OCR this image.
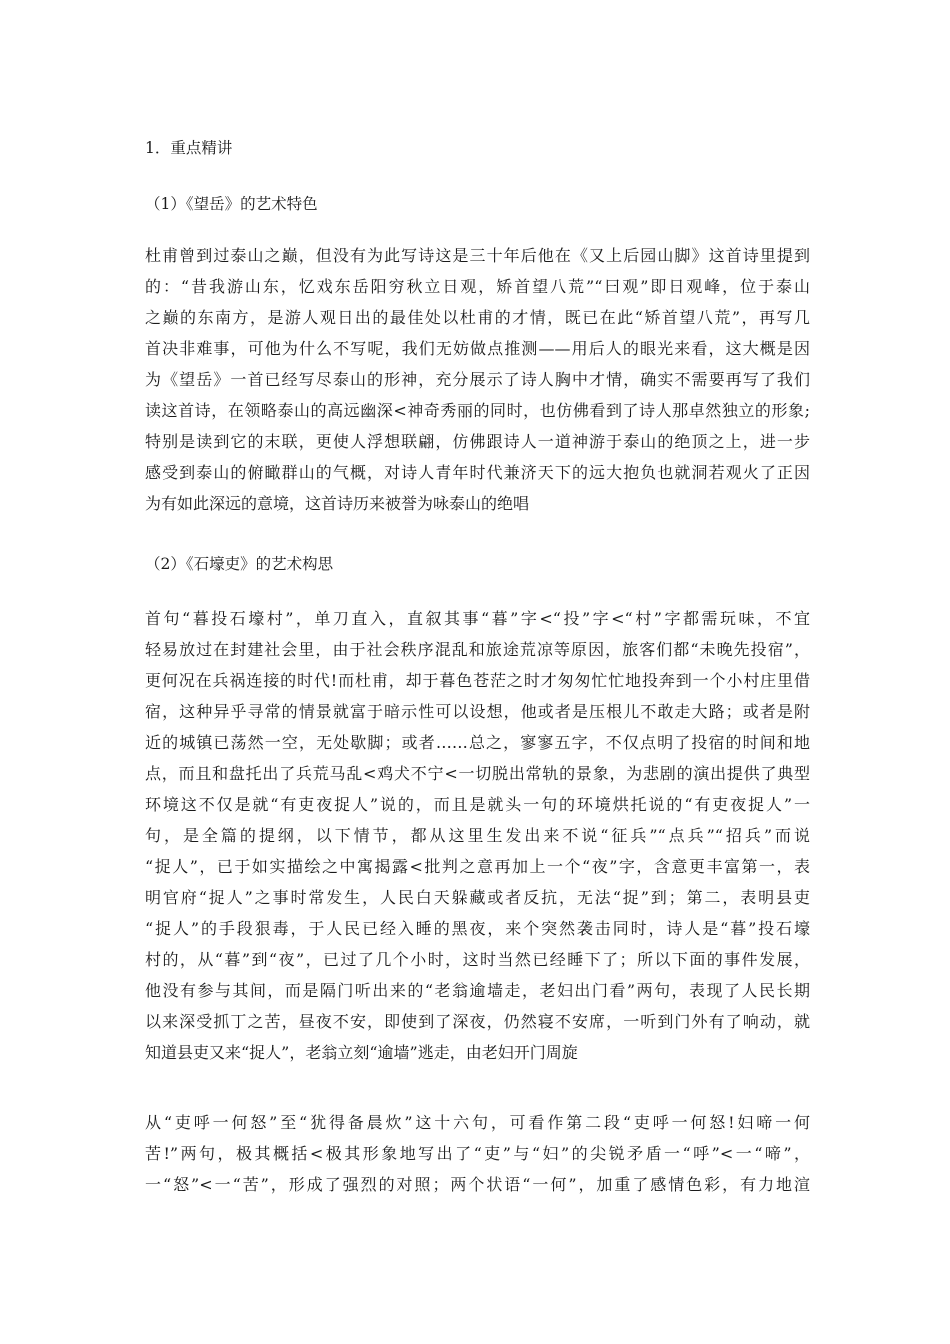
1．重点精讲
（1）《望岳》的艺术特色
杜甫曾到过泰山之巅，但没有为此写诗这是三十年后他在《又上后园山脚》这首诗里提到
的：“昔我游山东，忆戏东岳阳穷秋立日观，矫首望八荒”“曰观”即日观峰，位于泰山
之巅的东南方，是游人观日出的最佳处以杜甫的才情，既已在此“矫首望八荒”，再写几
首决非难事，可他为什么不写呢，我们无妨做点推测——用后人的眼光来看，这大概是因
为《望岳》一首已经写尽泰山的形神，充分展示了诗人胸中才情，确实不需要再写了我们
读这首诗，在领略泰山的高远幽深<神奇秀丽的同时，也仿佛看到了诗人那卓然独立的形象;
特别是读到它的末联，更使人浮想联翩，仿佛跟诗人一道神游于泰山的绝顶之上，进一步
感受到泰山的俯瞰群山的气概，对诗人青年时代兼济天下的远大抱负也就洞若观火了正因
为有如此深远的意境，这首诗历来被誉为咏泰山的绝唱
（2）《石壕吏》的艺术构思
首句“暮投石壕村”，单刀直入，直叙其事“暮”字<“投”字<“村”字都需玩味，不宜
轻易放过在封建社会里，由于社会秩序混乱和旅途荒凉等原因，旅客们都“未晚先投宿”，
更何况在兵祸连接的时代!而杜甫，却于暮色苍茫之时才匆匆忙忙地投奔到一个小村庄里借
宿，这种异乎寻常的情景就富于暗示性可以设想，他或者是压根儿不敢走大路；或者是附
近的城镇已荡然一空，无处歇脚；或者……总之，寥寥五字，不仅点明了投宿的时间和地
点，而且和盘托出了兵荒马乱<鸡犬不宁<一切脱出常轨的景象，为悲剧的演出提供了典型
环境这不仅是就“有吏夜捉人”说的，而且是就头一句的环境烘托说的“有吏夜捉人”一
句，是全篇的提纲，以下情节，都从这里生发出来不说“征兵”“点兵”“招兵”而说
“捉人”，已于如实描绘之中寓揭露<批判之意再加上一个“夜”字，含意更丰富第一，表
明官府“捉人”之事时常发生，人民白天躲藏或者反抗，无法“捉”到；第二，表明县吏
“捉人”的手段狠毒，于人民已经入睡的黑夜，来个突然袭击同时，诗人是“暮”投石壕
村的，从“暮”到“夜”，已过了几个小时，这时当然已经睡下了；所以下面的事件发展，
他没有参与其间，而是隔门听出来的“老翁逾墙走，老妇出门看”两句，表现了人民长期
以来深受抓丁之苦，昼夜不安，即使到了深夜，仍然寝不安席，一听到门外有了响动，就
知道县吏又来“捉人”，老翁立刻“逾墙”逃走，由老妇开门周旋
从“吏呼一何怒”至“犹得备晨炊”这十六句，可看作第二段“吏呼一何怒!妇啼一何
苦!”两句，极其概括<极其形象地写出了“吏”与“妇”的尖锐矛盾一“呼”<一“啼”，
一“怒”<一“苦”，形成了强烈的对照；两个状语“一何”，加重了感情色彩，有力地渲
